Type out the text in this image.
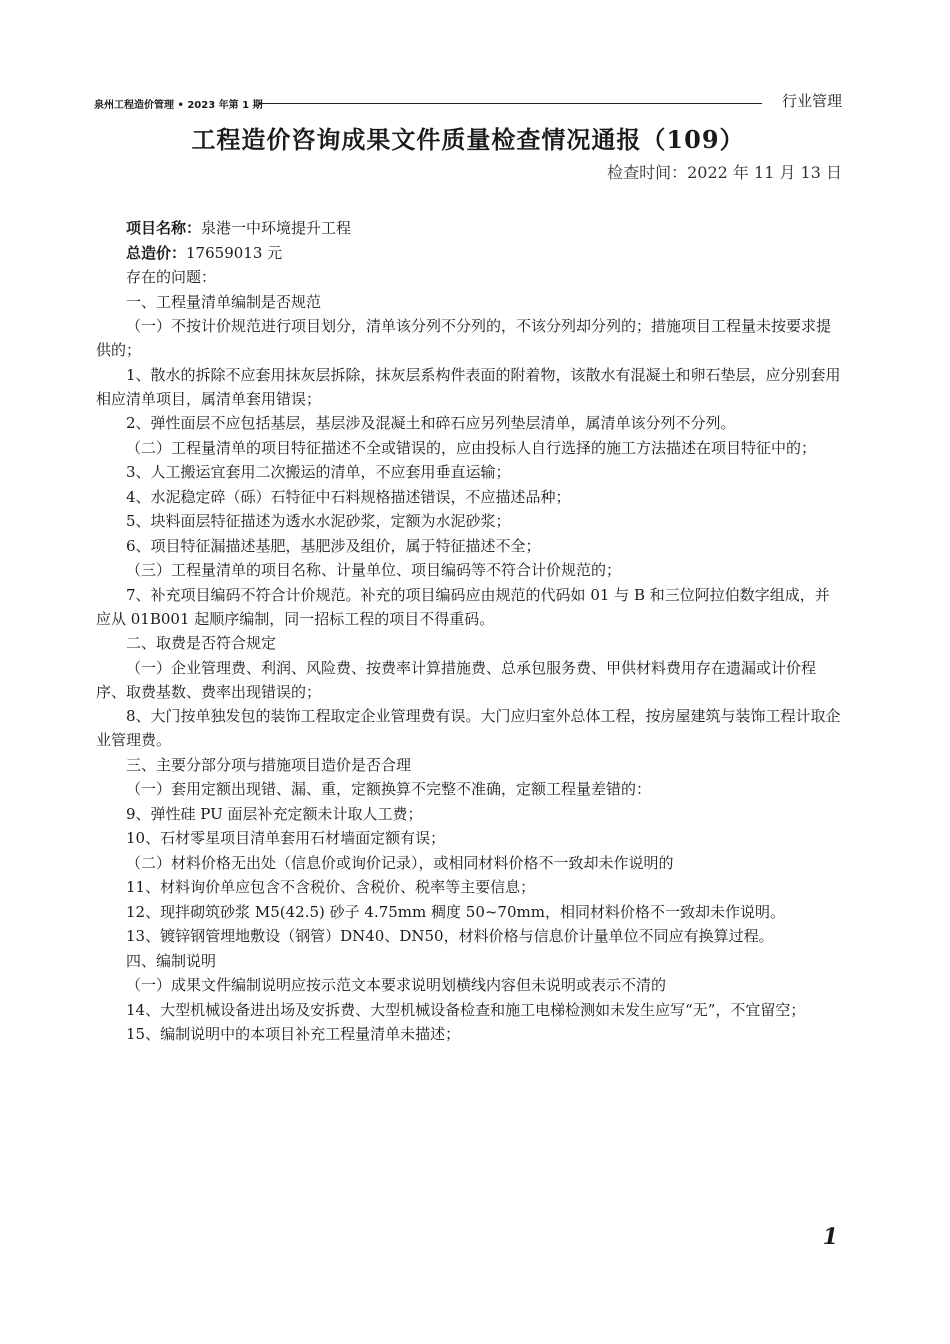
泉州工程造价管理 • 2023 年第 1 期	行业管理
工程造价咨询成果文件质量检查情况通报（109）
检查时间：2022 年 11 月 13 日

项目名称：泉港一中环境提升工程

总造价：17659013 元

存在的问题：

一、工程量清单编制是否规范

（一）不按计价规范进行项目划分，清单该分列不分列的，不该分列却分列的；措施项目工程量未按要求提供的；

1、散水的拆除不应套用抹灰层拆除，抹灰层系构件表面的附着物，该散水有混凝土和卵石垫层，应分别套用相应清单项目，属清单套用错误；

2、弹性面层不应包括基层，基层涉及混凝土和碎石应另列垫层清单，属清单该分列不分列。

（二）工程量清单的项目特征描述不全或错误的，应由投标人自行选择的施工方法描述在项目特征中的；

3、人工搬运宜套用二次搬运的清单，不应套用垂直运输；

4、水泥稳定碎（砾）石特征中石料规格描述错误，不应描述品种；

5、块料面层特征描述为透水水泥砂浆，定额为水泥砂浆；

6、项目特征漏描述基肥，基肥涉及组价，属于特征描述不全；

（三）工程量清单的项目名称、计量单位、项目编码等不符合计价规范的；

7、补充项目编码不符合计价规范。补充的项目编码应由规范的代码如 01 与 B 和三位阿拉伯数字组成，并应从 01B001 起顺序编制，同一招标工程的项目不得重码。

二、取费是否符合规定

（一）企业管理费、利润、风险费、按费率计算措施费、总承包服务费、甲供材料费用存在遗漏或计价程序、取费基数、费率出现错误的；

8、大门按单独发包的装饰工程取定企业管理费有误。大门应归室外总体工程，按房屋建筑与装饰工程计取企业管理费。

三、主要分部分项与措施项目造价是否合理

（一）套用定额出现错、漏、重，定额换算不完整不准确，定额工程量差错的：

9、弹性硅 PU 面层补充定额未计取人工费；

10、石材零星项目清单套用石材墙面定额有误；

（二）材料价格无出处（信息价或询价记录），或相同材料价格不一致却未作说明的

11、材料询价单应包含不含税价、含税价、税率等主要信息；

12、现拌砌筑砂浆 M5(42.5) 砂子 4.75mm 稠度 50~70mm，相同材料价格不一致却未作说明。

13、镀锌钢管埋地敷设（钢管）DN40、DN50，材料价格与信息价计量单位不同应有换算过程。

四、编制说明

（一）成果文件编制说明应按示范文本要求说明划横线内容但未说明或表示不清的

14、大型机械设备进出场及安拆费、大型机械设备检查和施工电梯检测如未发生应写“无”，不宜留空；

15、编制说明中的本项目补充工程量清单未描述；

1
